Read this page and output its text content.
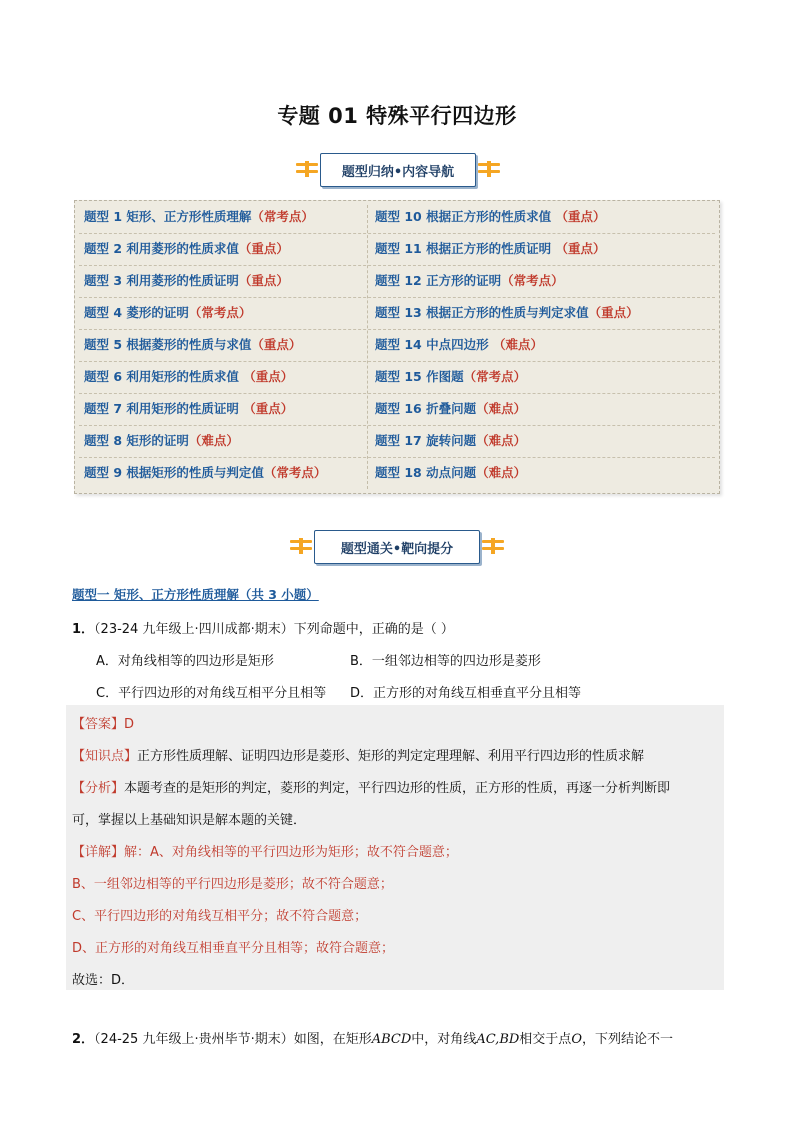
专题 01 特殊平行四边形
题型归纳•内容导航
题型 1 矩形、正方形性质理解（常考点）	题型 10 根据正方形的性质求值 （重点）
题型 2 利用菱形的性质求值（重点）	题型 11 根据正方形的性质证明 （重点）
题型 3 利用菱形的性质证明（重点）	题型 12 正方形的证明（常考点）
题型 4 菱形的证明（常考点）	题型 13 根据正方形的性质与判定求值（重点）
题型 5 根据菱形的性质与求值（重点）	题型 14 中点四边形 （难点）
题型 6 利用矩形的性质求值 （重点）	题型 15 作图题（常考点）
题型 7 利用矩形的性质证明 （重点）	题型 16 折叠问题（难点）
题型 8 矩形的证明（难点）	题型 17 旋转问题（难点）
题型 9 根据矩形的性质与判定值（常考点）	题型 18 动点问题（难点）
题型通关•靶向提分
题型一 矩形、正方形性质理解（共 3 小题）
1．（23-24 九年级上·四川成都·期末）下列命题中，正确的是（ ）
A．对角线相等的四边形是矩形	B．一组邻边相等的四边形是菱形
C．平行四边形的对角线互相平分且相等 D．正方形的对角线互相垂直平分且相等
【答案】D
【知识点】正方形性质理解、证明四边形是菱形、矩形的判定定理理解、利用平行四边形的性质求解
【分析】本题考查的是矩形的判定，菱形的判定，平行四边形的性质，正方形的性质，再逐一分析判断即
可，掌握以上基础知识是解本题的关键．
【详解】解：A、对角线相等的平行四边形为矩形；故不符合题意；
B、一组邻边相等的平行四边形是菱形；故不符合题意；
C、平行四边形的对角线互相平分；故不符合题意；
D、正方形的对角线互相垂直平分且相等；故符合题意；
故选：D．
2．（24-25 九年级上·贵州毕节·期末）如图，在矩形ABCD中，对角线AC,BD相交于点O，下列结论不一
